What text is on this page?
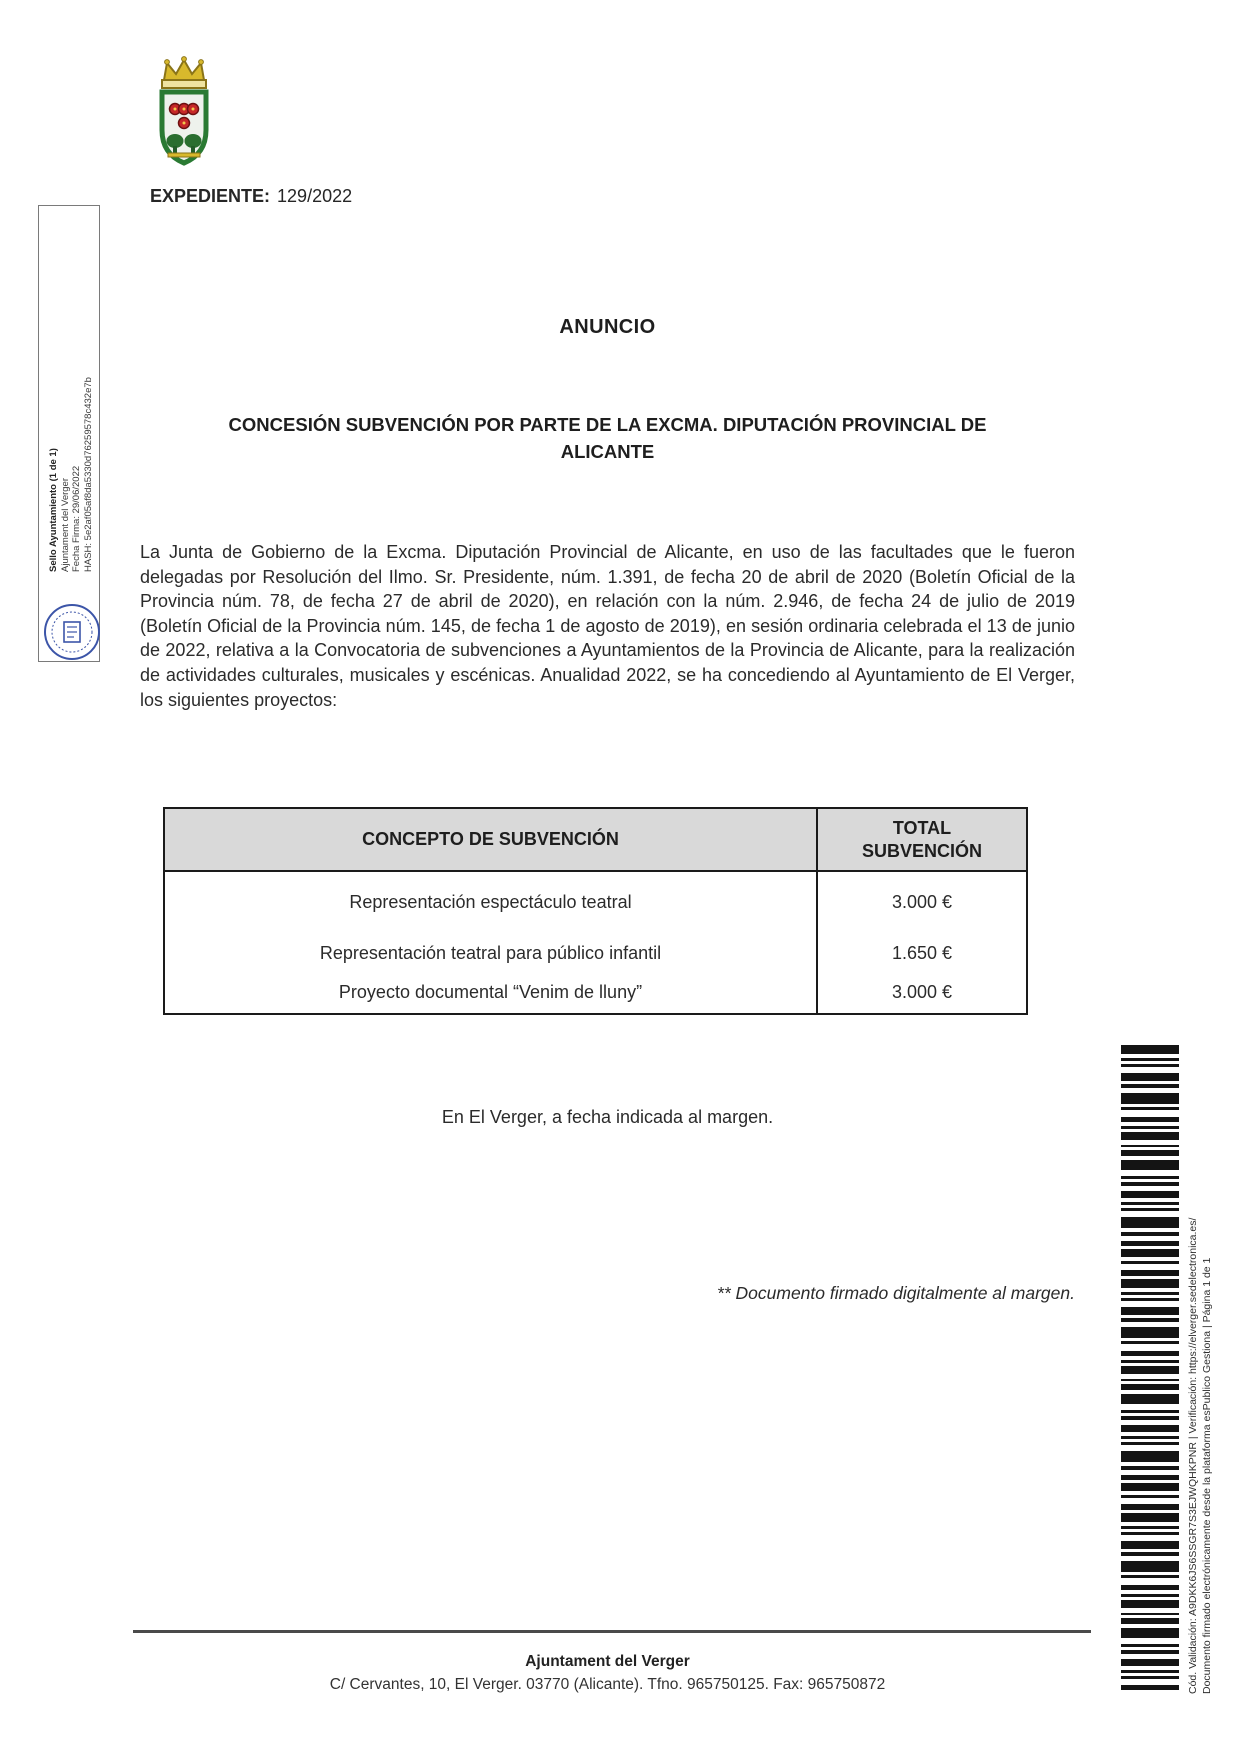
EXPEDIENTE: 129/2022
Sello Ayuntamiento (1 de 1) Ajuntament del Verger Fecha Firma: 29/06/2022 HASH: 5e2af05af8da5330d76259578c432e7b
ANUNCIO
CONCESIÓN SUBVENCIÓN POR PARTE DE LA EXCMA. DIPUTACIÓN PROVINCIAL DE
ALICANTE
La Junta de Gobierno de la Excma. Diputación Provincial de Alicante, en uso de las facultades que le fueron delegadas por Resolución del Ilmo. Sr. Presidente, núm. 1.391, de fecha 20 de abril de 2020 (Boletín Oficial de la Provincia núm. 78, de fecha 27 de abril de 2020), en relación con la núm. 2.946, de fecha 24 de julio de 2019 (Boletín Oficial de la Provincia núm. 145, de fecha 1 de agosto de 2019), en sesión ordinaria celebrada el 13 de junio de 2022, relativa a la Convocatoria de subvenciones a Ayuntamientos de la Provincia de Alicante, para la realización de actividades culturales, musicales y escénicas. Anualidad 2022, se ha concediendo al Ayuntamiento de El Verger, los siguientes proyectos:
CONCEPTO DE SUBVENCIÓN	TOTAL
SUBVENCIÓN

Representación espectáculo teatral	3.000 €
Representación teatral para público infantil	1.650 €
Proyecto documental “Venim de lluny”	3.000 €
En El Verger, a fecha indicada al margen.
** Documento firmado digitalmente al margen.	Cód. Validación: A9DKK6JS6SSGR7S3EJWQHKPNR | Verificación: https://elverger.sedelectronica.es/ Documento firmado electrónicamente desde la plataforma esPublico Gestiona | Página 1 de 1
Ajuntament del Verger
C/ Cervantes, 10, El Verger. 03770 (Alicante). Tfno. 965750125. Fax: 965750872
